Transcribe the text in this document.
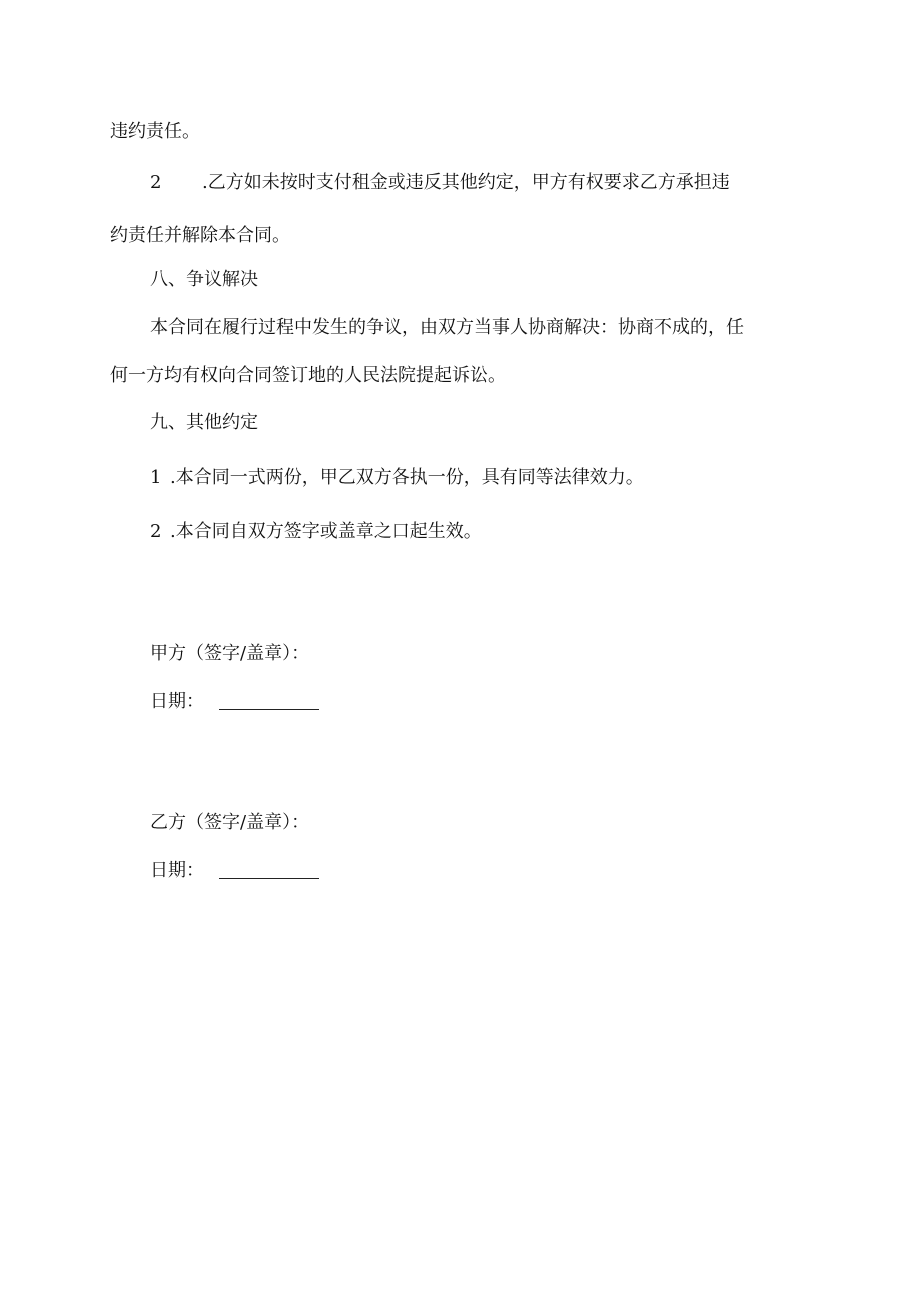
违约责任。
2 .乙方如未按时支付租金或违反其他约定，甲方有权要求乙方承担违
约责任并解除本合同。
八、争议解决
本合同在履行过程中发生的争议，由双方当事人协商解决：协商不成的，任
何一方均有权向合同签订地的人民法院提起诉讼。
九、其他约定
1 .本合同一式两份，甲乙双方各执一份，具有同等法律效力。
2 .本合同自双方签字或盖章之口起生效。
甲方（签字/盖章）：
日期：
乙方（签字/盖章）：
日期：
